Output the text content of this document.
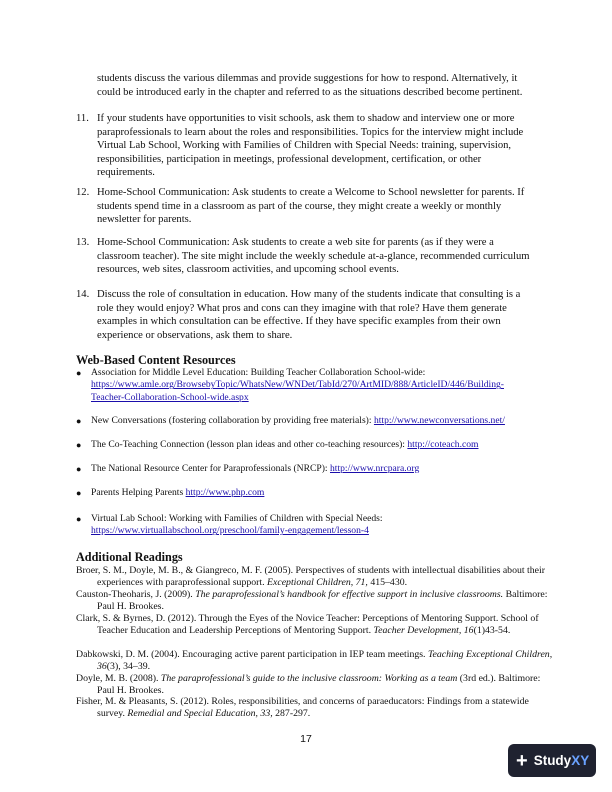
students discuss the various dilemmas and provide suggestions for how to respond. Alternatively, it could be introduced early in the chapter and referred to as the situations described become pertinent.

11. If your students have opportunities to visit schools, ask them to shadow and interview one or more paraprofessionals to learn about the roles and responsibilities. Topics for the interview might include Virtual Lab School, Working with Families of Children with Special Needs: training, supervision, responsibilities, participation in meetings, professional development, certification, or other requirements.
12. Home-School Communication: Ask students to create a Welcome to School newsletter for parents. If students spend time in a classroom as part of the course, they might create a weekly or monthly newsletter for parents.
13. Home-School Communication: Ask students to create a web site for parents (as if they were a classroom teacher). The site might include the weekly schedule at-a-glance, recommended curriculum resources, web sites, classroom activities, and upcoming school events.
14. Discuss the role of consultation in education. How many of the students indicate that consulting is a role they would enjoy? What pros and cons can they imagine with that role? Have them generate examples in which consultation can be effective. If they have specific examples from their own experience or observations, ask them to share.
Web-Based Content Resources
● Association for Middle Level Education: Building Teacher Collaboration School-wide:
https://www.amle.org/BrowsebyTopic/WhatsNew/WNDet/TabId/270/ArtMID/888/ArticleID/446/Building-Teacher-Collaboration-School-wide.aspx
● New Conversations (fostering collaboration by providing free materials): http://www.newconversations.net/
● The Co-Teaching Connection (lesson plan ideas and other co-teaching resources): http://coteach.com
● The National Resource Center for Paraprofessionals (NRCP): http://www.nrcpara.org
● Parents Helping Parents http://www.php.com
● Virtual Lab School: Working with Families of Children with Special Needs:
https://www.virtuallabschool.org/preschool/family-engagement/lesson-4
Additional Readings
Broer, S. M., Doyle, M. B., & Giangreco, M. F. (2005). Perspectives of students with intellectual disabilities about their experiences with paraprofessional support. Exceptional Children, 71, 415–430.
Causton-Theoharis, J. (2009). The paraprofessional’s handbook for effective support in inclusive classrooms. Baltimore: Paul H. Brookes.
Clark, S. & Byrnes, D. (2012). Through the Eyes of the Novice Teacher: Perceptions of Mentoring Support. School of Teacher Education and Leadership Perceptions of Mentoring Support. Teacher Development, 16(1)43-54.
Dabkowski, D. M. (2004). Encouraging active parent participation in IEP team meetings. Teaching Exceptional Children, 36(3), 34–39.
Doyle, M. B. (2008). The paraprofessional’s guide to the inclusive classroom: Working as a team (3rd ed.). Baltimore: Paul H. Brookes.
Fisher, M. & Pleasants, S. (2012). Roles, responsibilities, and concerns of paraeducators: Findings from a statewide survey. Remedial and Special Education, 33, 287-297.
17
+ StudyXY
